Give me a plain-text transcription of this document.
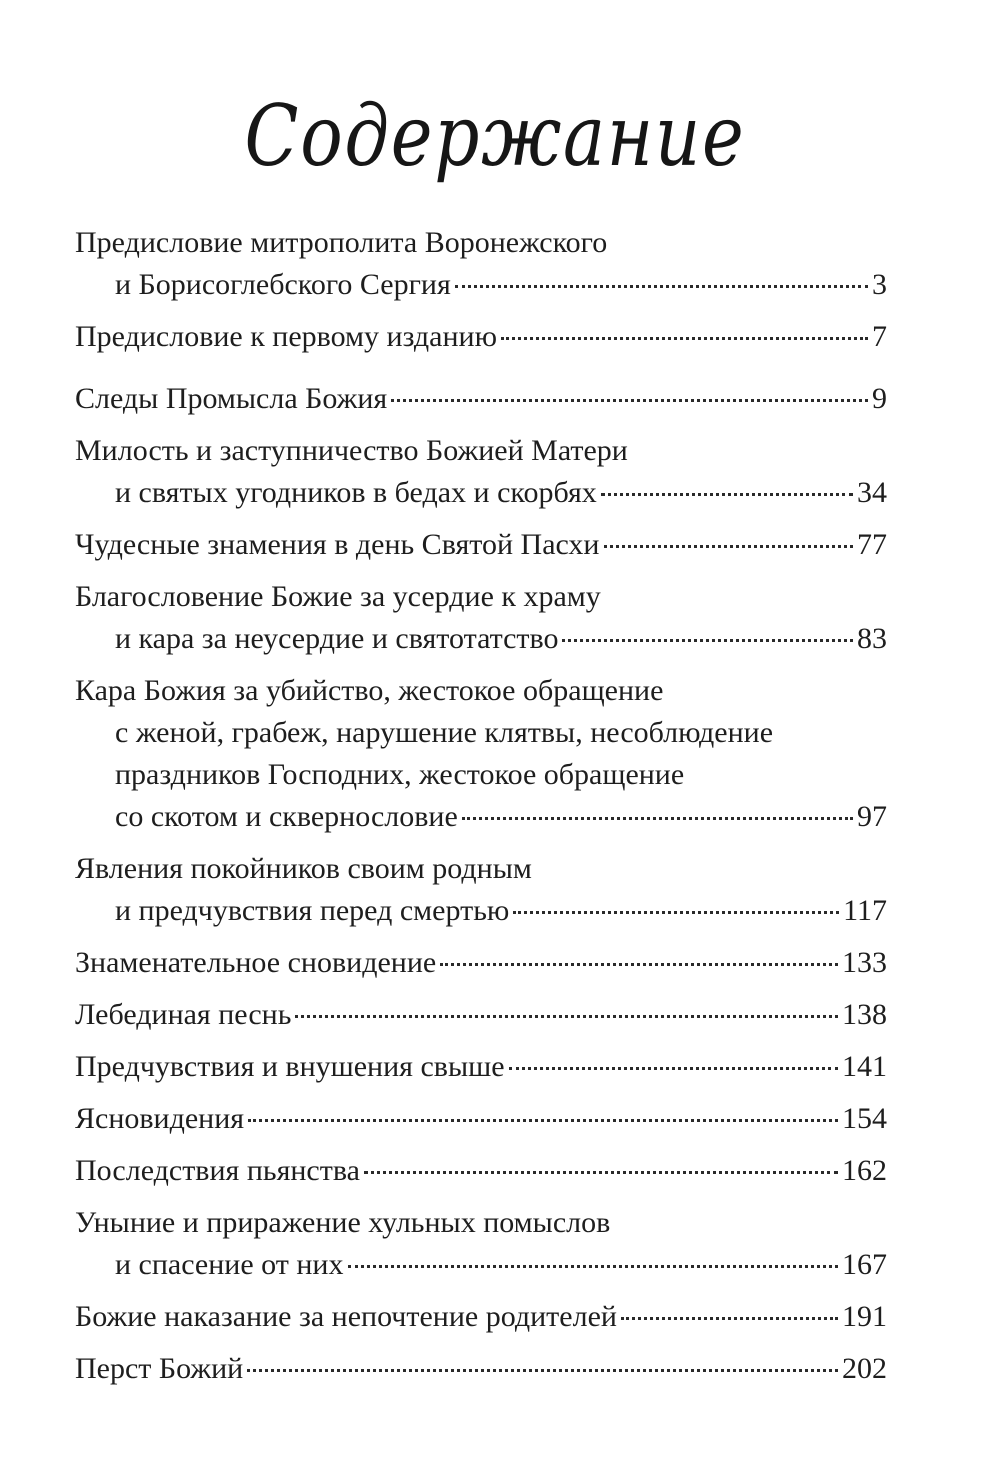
Содержание
Предисловие митрополита Воронежского
и Борисоглебского Сергия	3
Предисловие к первому изданию	7
Следы Промысла Божия	9
Милость и заступничество Божией Матери
и святых угодников в бедах и скорбях	34
Чудесные знамения в день Святой Пасхи	77
Благословение Божие за усердие к храму
и кара за неусердие и святотатство	83
Кара Божия за убийство, жестокое обращение
с женой, грабеж, нарушение клятвы, несоблюдение
праздников Господних, жестокое обращение
со скотом и сквернословие	97
Явления покойников своим родным
и предчувствия перед смертью	117
Знаменательное сновидение	133
Лебединая песнь	138
Предчувствия и внушения свыше	141
Ясновидения	154
Последствия пьянства	162
Уныние и приражение хульных помыслов
и спасение от них	167
Божие наказание за непочтение родителей	191
Перст Божий	202
